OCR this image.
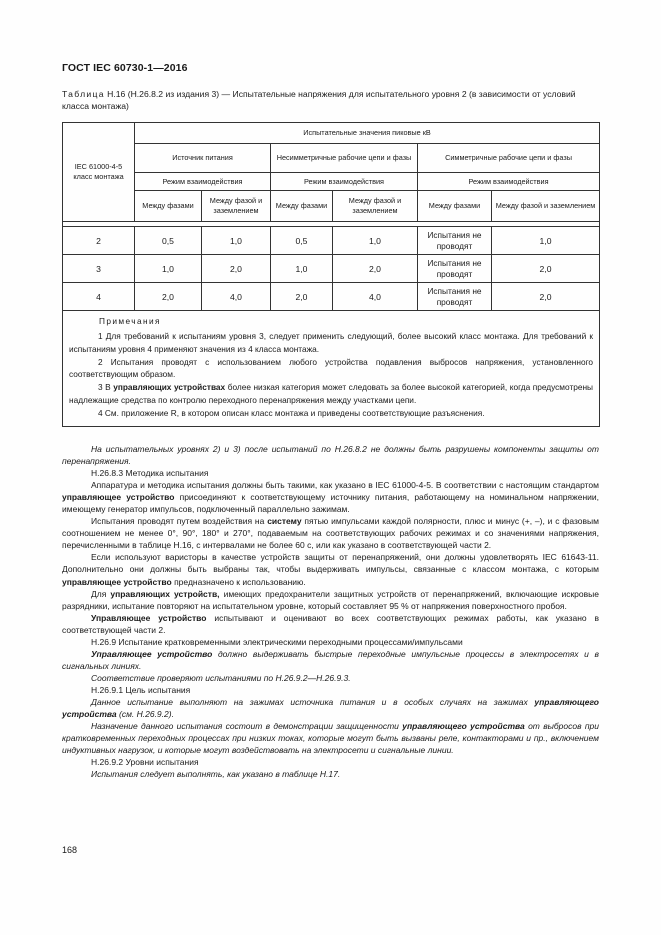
ГОСТ IEC 60730-1—2016
Таблица Н.16 (Н.26.8.2 из издания 3) — Испытательные напряжения для испытательного уровня 2 (в зависимости от условий класса монтажа)
IEC 61000-4-5 класс монтажа	Испытательные значения пиковые кВ					
	Источник питания		Несимметричные рабочие цепи и фазы		Симметричные рабочие цепи и фазы	
	Режим взаимодействия		Режим взаимодействия		Режим взаимодействия	
	Между фазами	Между фазой и заземлением	Между фазами	Между фазой и заземлением	Между фазами	Между фазой и заземлением

2	0,5	1,0	0,5	1,0	Испытания не проводят	1,0
3	1,0	2,0	1,0	2,0	Испытания не проводят	2,0
4	2,0	4,0	2,0	4,0	Испытания не проводят	2,0

Примечания
1 Для требований к испытаниям уровня 3, следует применить следующий, более высокий класс монтажа. Для требований к испытаниям уровня 4 применяют значения из 4 класса монтажа.
2 Испытания проводят с использованием любого устройства подавления выбросов напряжения, установленного соответствующим образом.
3 В управляющих устройствах более низкая категория может следовать за более высокой категорией, когда предусмотрены надлежащие средства по контролю переходного перенапряжения между участками цепи.
4 См. приложение R, в котором описан класс монтажа и приведены соответствующие разъяснения.						

На испытательных уровнях 2) и 3) после испытаний по Н.26.8.2 не должны быть разрушены компоненты защиты от перенапряжения.

Н.26.8.3 Методика испытания

Аппаратура и методика испытания должны быть такими, как указано в IEC 61000-4-5. В соответствии с настоящим стандартом управляющее устройство присоединяют к соответствующему источнику питания, работающему на номинальном напряжении, имеющему генератор импульсов, подключенный параллельно зажимам.

Испытания проводят путем воздействия на систему пятью импульсами каждой полярности, плюс и минус (+, –), и с фазовым соотношением не менее 0°, 90°, 180° и 270°, подаваемым на соответствующих рабочих режимах и со значениями напряжения, перечисленными в таблице Н.16, с интервалами не более 60 с, или как указано в соответствующей части 2.

Если используют варисторы в качестве устройств защиты от перенапряжений, они должны удовлетворять IEC 61643-11. Дополнительно они должны быть выбраны так, чтобы выдерживать импульсы, связанные с классом монтажа, с которым управляющее устройство предназначено к использованию.

Для управляющих устройств, имеющих предохранители защитных устройств от перенапряжений, включающие искровые разрядники, испытание повторяют на испытательном уровне, который составляет 95 % от напряжения поверхностного пробоя.

Управляющее устройство испытывают и оценивают во всех соответствующих режимах работы, как указано в соответствующей части 2.

Н.26.9 Испытание кратковременными электрическими переходными процессами/импульсами

Управляющее устройство должно выдерживать быстрые переходные импульсные процессы в электросетях и в сигнальных линиях.

Соответствие проверяют испытаниями по Н.26.9.2—Н.26.9.3.

Н.26.9.1 Цель испытания

Данное испытание выполняют на зажимах источника питания и в особых случаях на зажимах управляющего устройства (см. Н.26.9.2).

Назначение данного испытания состоит в демонстрации защищенности управляющего устройства от выбросов при кратковременных переходных процессах при низких токах, которые могут быть вызваны реле, контакторами и пр., включением индуктивных нагрузок, и которые могут воздействовать на электросети и сигнальные линии.

Н.26.9.2 Уровни испытания

Испытания следует выполнять, как указано в таблице Н.17.

168
